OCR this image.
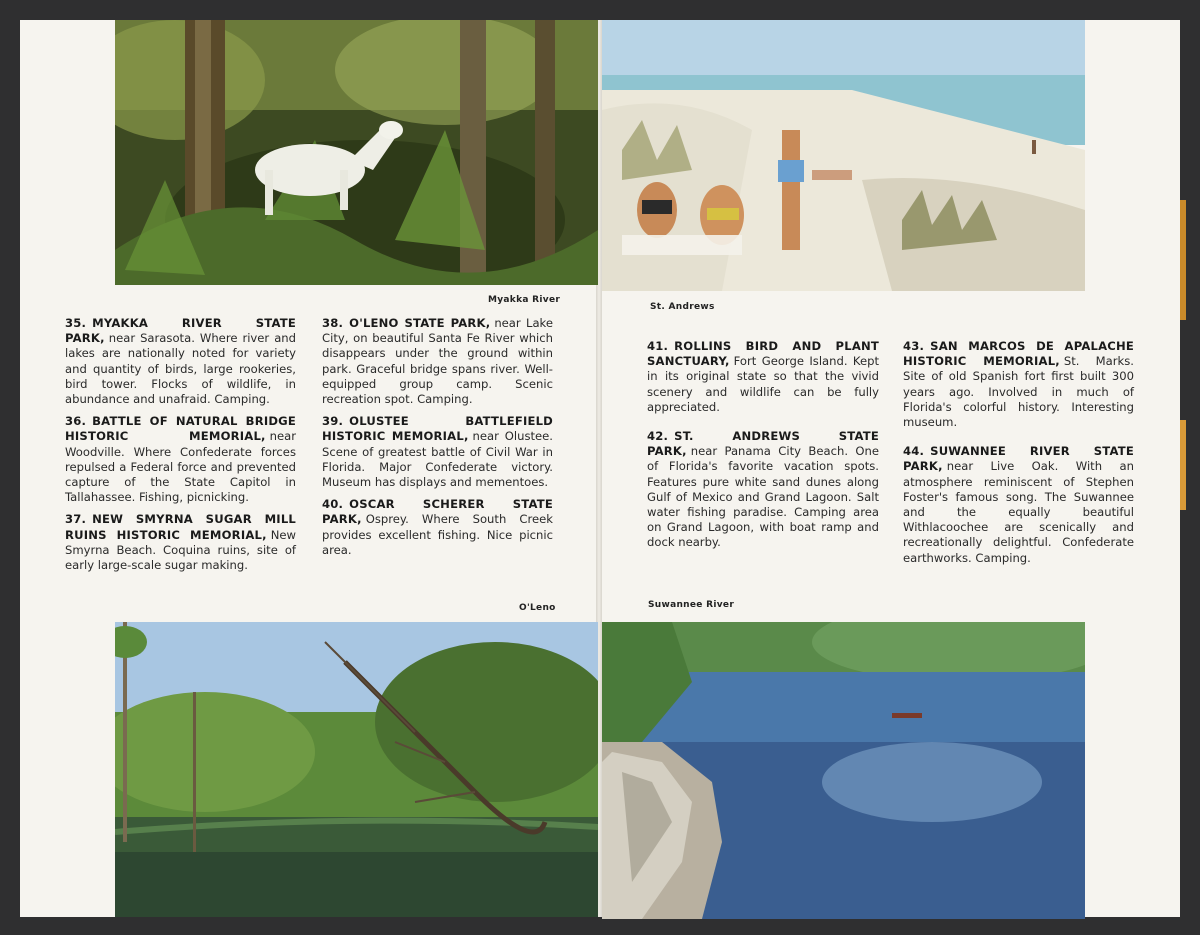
Myakka River
St. Andrews
O'Leno	Suwannee River

35. MYAKKA RIVER STATE PARK, near Sarasota. Where river and lakes are nationally noted for variety and quantity of birds, large rookeries, bird tower. Flocks of wildlife, in abundance and unafraid. Camping.

36. BATTLE OF NATURAL BRIDGE HISTORIC MEMORIAL, near Woodville. Where Confederate forces repulsed a Federal force and prevented capture of the State Capitol in Tallahassee. Fishing, picnicking.

37. NEW SMYRNA SUGAR MILL RUINS HISTORIC MEMORIAL, New Smyrna Beach. Coquina ruins, site of early large-scale sugar making.

38. O'LENO STATE PARK, near Lake City, on beautiful Santa Fe River which disappears under the ground within park. Graceful bridge spans river. Well-equipped group camp. Scenic recreation spot. Camping.

39. OLUSTEE BATTLEFIELD HISTORIC MEMORIAL, near Olustee. Scene of greatest battle of Civil War in Florida. Major Confederate victory. Museum has displays and mementoes.

40. OSCAR SCHERER STATE PARK, Osprey. Where South Creek provides excellent fishing. Nice picnic area.

41. ROLLINS BIRD AND PLANT SANCTUARY, Fort George Island. Kept in its original state so that the vivid scenery and wildlife can be fully appreciated.

42. ST. ANDREWS STATE PARK, near Panama City Beach. One of Florida's favorite vacation spots. Features pure white sand dunes along Gulf of Mexico and Grand Lagoon. Salt water fishing paradise. Camping area on Grand Lagoon, with boat ramp and dock nearby.

43. SAN MARCOS DE APALACHE HISTORIC MEMORIAL, St. Marks. Site of old Spanish fort first built 300 years ago. Involved in much of Florida's colorful history. Interesting museum.

44. SUWANNEE RIVER STATE PARK, near Live Oak. With an atmosphere reminiscent of Stephen Foster's famous song. The Suwannee and the equally beautiful Withlacoochee are scenically and recreationally delightful. Confederate earthworks. Camping.
